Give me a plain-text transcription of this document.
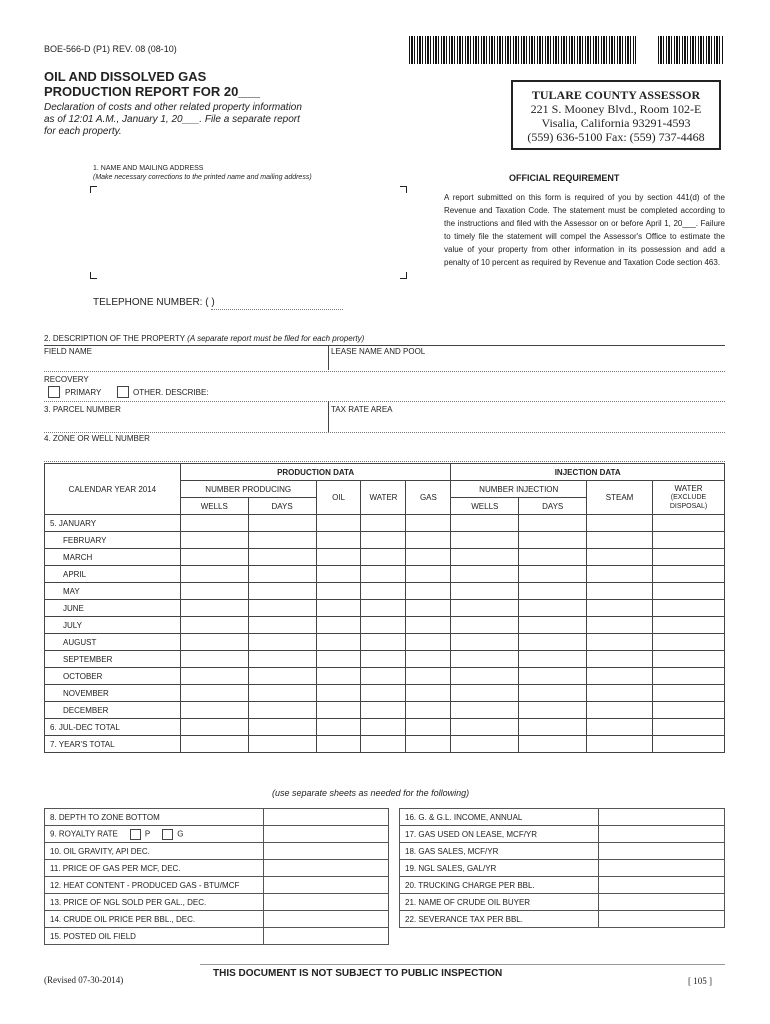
BOE-566-D (P1) REV. 08 (08-10)
OIL AND DISSOLVED GAS
PRODUCTION REPORT FOR 20___
Declaration of costs and other related property information as of 12:01 A.M., January 1, 20___. File a separate report for each property.
TULARE COUNTY ASSESSOR
221 S. Mooney Blvd., Room 102-E
Visalia, California 93291-4593
(559) 636-5100 Fax: (559) 737-4468
1. NAME AND MAILING ADDRESS
(Make necessary corrections to the printed name and mailing address)
TELEPHONE NUMBER: ( )
OFFICIAL REQUIREMENT
A report submitted on this form is required of you by section 441(d) of the Revenue and Taxation Code. The statement must be completed according to the instructions and filed with the Assessor on or before April 1, 20___. Failure to timely file the statement will compel the Assessor's Office to estimate the value of your property from other information in its possession and add a penalty of 10 percent as required by Revenue and Taxation Code section 463.
2. DESCRIPTION OF THE PROPERTY (A separate report must be filed for each property)
FIELD NAME	LEASE NAME AND POOL
RECOVERY
PRIMARY	OTHER. DESCRIBE:
3. PARCEL NUMBER	TAX RATE AREA
4. ZONE OR WELL NUMBER
CALENDAR YEAR 2014	PRODUCTION DATA					INJECTION DATA			
	NUMBER PRODUCING		OIL	WATER	GAS	NUMBER INJECTION		STEAM	WATER
(EXCLUDE
DISPOSAL)

	WELLS	DAYS				WELLS	DAYS		
5. JANUARY									
FEBRUARY									
MARCH									
APRIL									
MAY									
JUNE									
JULY									
AUGUST									
SEPTEMBER									
OCTOBER									
NOVEMBER									
DECEMBER									
6. JUL-DEC TOTAL									
7. YEAR'S TOTAL									
(use separate sheets as needed for the following)
8. DEPTH TO ZONE BOTTOM	
9. ROYALTY RATE P G	
10. OIL GRAVITY, API DEC.	
11. PRICE OF GAS PER MCF, DEC.	
12. HEAT CONTENT - PRODUCED GAS - BTU/MCF	
13. PRICE OF NGL SOLD PER GAL., DEC.	
14. CRUDE OIL PRICE PER BBL., DEC.	
15. POSTED OIL FIELD	
16. G. & G.L. INCOME, ANNUAL	
17. GAS USED ON LEASE, MCF/YR	
18. GAS SALES, MCF/YR	
19. NGL SALES, GAL/YR	
20. TRUCKING CHARGE PER BBL.	
21. NAME OF CRUDE OIL BUYER	
22. SEVERANCE TAX PER BBL.	
(Revised 07-30-2014)
THIS DOCUMENT IS NOT SUBJECT TO PUBLIC INSPECTION
[ 105 ]
